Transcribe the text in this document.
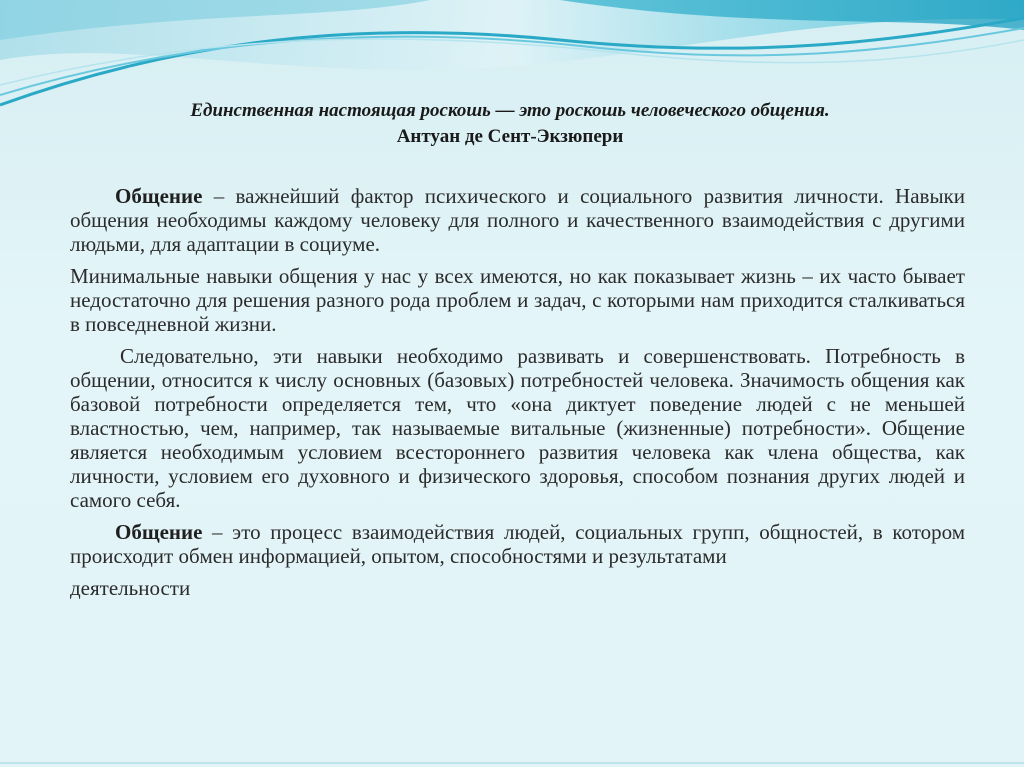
Единственная настоящая роскошь — это роскошь человеческого общения.
Антуан де Сент-Экзюпери

Общение – важнейший фактор психического и социального развития личности. Навыки общения необходимы каждому человеку для полного и качественного взаимодействия с другими людьми, для адаптации в социуме.

Минимальные навыки общения у нас у всех имеются, но как показывает жизнь – их часто бывает недостаточно для решения разного рода проблем и задач, с которыми нам приходится сталкиваться в повседневной жизни.

Следовательно, эти навыки необходимо развивать и совершенствовать. Потребность в общении, относится к числу основных (базовых) потребностей человека. Значимость общения как базовой потребности определяется тем, что «она диктует поведение людей с не меньшей властностью, чем, например, так называемые витальные (жизненные) потребности». Общение является необходимым условием всестороннего развития человека как члена общества, как личности, условием его духовного и физического здоровья, способом познания других людей и самого себя.

Общение – это процесс взаимодействия людей, социальных групп, общностей, в котором происходит обмен информацией, опытом, способностями и результатами

деятельности
